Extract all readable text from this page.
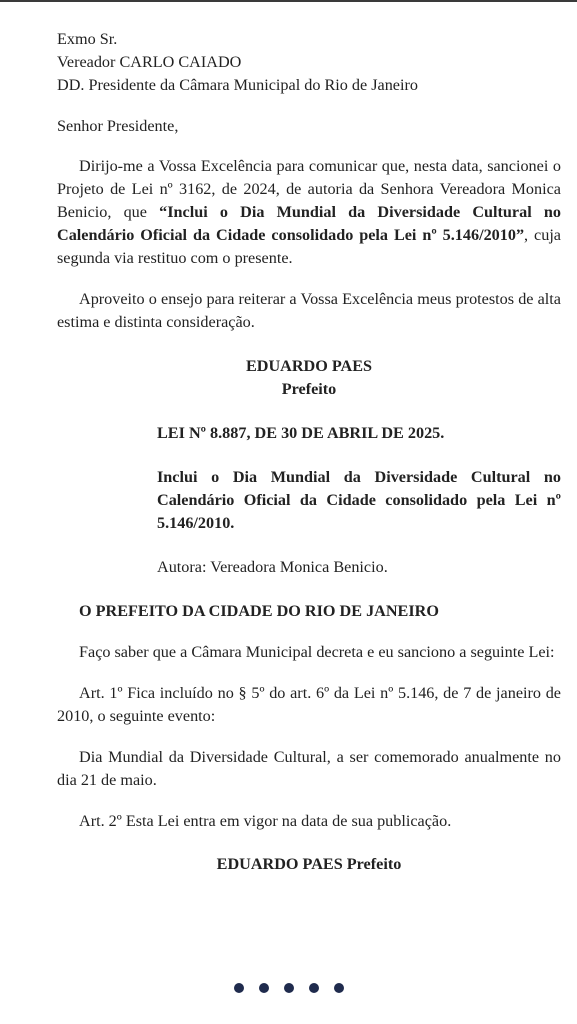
Exmo Sr.

Vereador CARLO CAIADO

DD. Presidente da Câmara Municipal do Rio de Janeiro

Senhor Presidente,

Dirijo-me a Vossa Excelência para comunicar que, nesta data, sancionei o Projeto de Lei nº 3162, de 2024, de autoria da Senhora Vereadora Monica Benicio, que “Inclui o Dia Mundial da Diversidade Cultural no Calendário Oficial da Cidade consolidado pela Lei nº 5.146/2010”, cuja segunda via restituo com o presente.

Aproveito o ensejo para reiterar a Vossa Excelência meus protestos de alta estima e distinta consideração.

EDUARDO PAES
Prefeito

LEI Nº 8.887, DE 30 DE ABRIL DE 2025.

Inclui o Dia Mundial da Diversidade Cultural no Calendário Oficial da Cidade consolidado pela Lei nº 5.146/2010.

Autora: Vereadora Monica Benicio.

O PREFEITO DA CIDADE DO RIO DE JANEIRO

Faço saber que a Câmara Municipal decreta e eu sanciono a seguinte Lei:

Art. 1º Fica incluído no § 5º do art. 6º da Lei nº 5.146, de 7 de janeiro de 2010, o seguinte evento:

Dia Mundial da Diversidade Cultural, a ser comemorado anualmente no dia 21 de maio.

Art. 2º Esta Lei entra em vigor na data de sua publicação.

EDUARDO PAES Prefeito
